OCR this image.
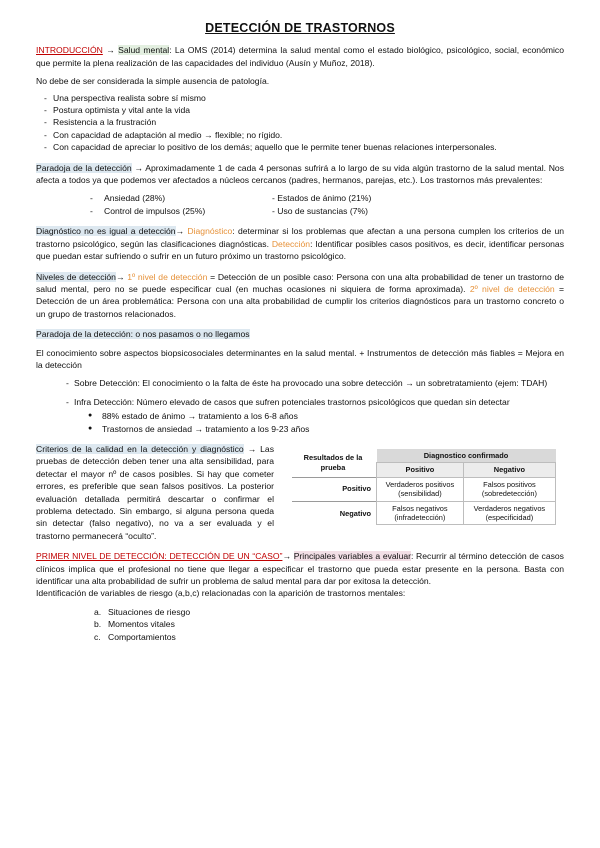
DETECCIÓN DE TRASTORNOS

INTRODUCCIÓN → Salud mental: La OMS (2014) determina la salud mental como el estado biológico, psicológico, social, económico que permite la plena realización de las capacidades del individuo (Ausín y Muñoz, 2018).

No debe de ser considerada la simple ausencia de patología.

- Una perspectiva realista sobre sí mismo
- Postura optimista y vital ante la vida
- Resistencia a la frustración
- Con capacidad de adaptación al medio → flexible; no rígido.
- Con capacidad de apreciar lo positivo de los demás; aquello que le permite tener buenas relaciones interpersonales.

Paradoja de la detección → Aproximadamente 1 de cada 4 personas sufrirá a lo largo de su vida algún trastorno de la salud mental. Nos afecta a todos ya que podemos ver afectados a núcleos cercanos (padres, hermanos, parejas, etc.). Los trastornos más prevalentes:

- Ansiedad (28%)	- Estados de ánimo (21%)
- Control de impulsos (25%)	- Uso de sustancias (7%)

Diagnóstico no es igual a detección→ Diagnóstico: determinar si los problemas que afectan a una persona cumplen los criterios de un trastorno psicológico, según las clasificaciones diagnósticas. Detección: Identificar posibles casos positivos, es decir, identificar personas que puedan estar sufriendo o sufrir en un futuro próximo un trastorno psicológico.

Niveles de detección→ 1º nivel de detección = Detección de un posible caso: Persona con una alta probabilidad de tener un trastorno de salud mental, pero no se puede especificar cual (en muchas ocasiones ni siquiera de forma aproximada). 2º nivel de detección = Detección de un área problemática: Persona con una alta probabilidad de cumplir los criterios diagnósticos para un trastorno concreto o un grupo de trastornos relacionados.

Paradoja de la detección: o nos pasamos o no llegamos

El conocimiento sobre aspectos biopsicosociales determinantes en la salud mental. + Instrumentos de detección más fiables = Mejora en la detección

- Sobre Detección: El conocimiento o la falta de éste ha provocado una sobre detección → un sobretratamiento (ejem: TDAH)
- Infra Detección: Número elevado de casos que sufren potenciales trastornos psicológicos que quedan sin detectar
● 88% estado de ánimo → tratamiento a los 6-8 años
● Trastornos de ansiedad → tratamiento a los 9-23 años
Criterios de la calidad en la detección y diagnóstico → Las pruebas de detección deben tener una alta sensibilidad, para detectar el mayor nº de casos posibles. Si hay que cometer errores, es preferible que sean falsos positivos. La posterior evaluación detallada permitirá descartar o confirmar el problema detectado. Sin embargo, si alguna persona queda sin detectar (falso negativo), no va a ser evaluada y el trastorno permanecerá “oculto”.
Resultados de la prueba	Diagnostico confirmado	
	Positivo	Negativo
Positivo	Verdaderos positivos (sensibilidad)	Falsos positivos (sobredetección)
Negativo	Falsos negativos (infradetección)	Verdaderos negativos (especificidad)

PRIMER NIVEL DE DETECCIÓN: DETECCIÓN DE UN “CASO”→ Principales variables a evaluar: Recurrir al término detección de casos clínicos implica que el profesional no tiene que llegar a especificar el trastorno que pueda estar presente en la persona. Basta con identificar una alta probabilidad de sufrir un problema de salud mental para dar por exitosa la detección.

Identificación de variables de riesgo (a,b,c) relacionadas con la aparición de trastornos mentales:

a. Situaciones de riesgo
b. Momentos vitales
c. Comportamientos
